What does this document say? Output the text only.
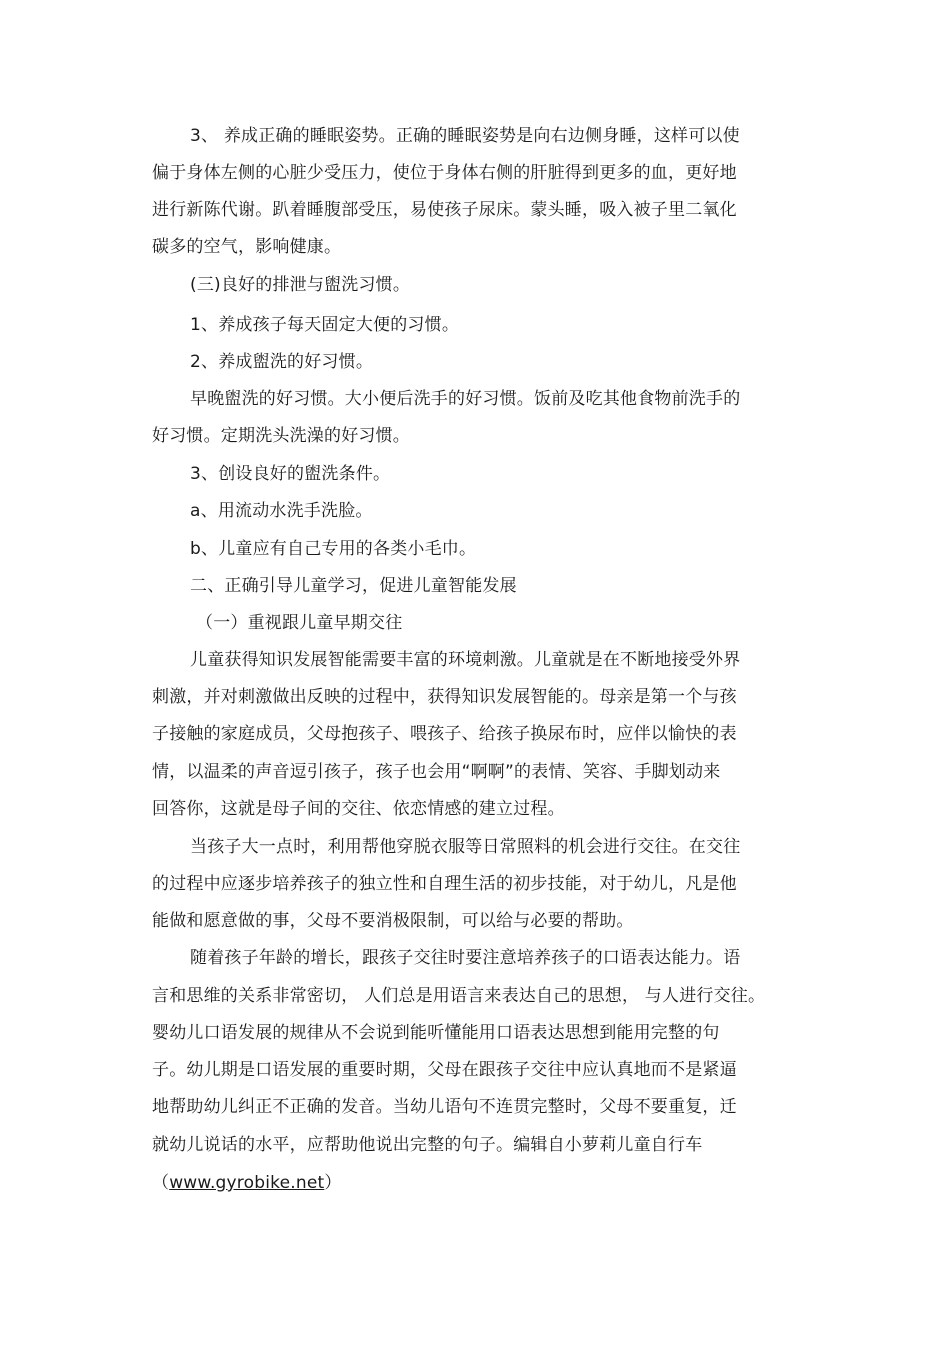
3、 养成正确的睡眠姿势。正确的睡眠姿势是向右边侧身睡，这样可以使
偏于身体左侧的心脏少受压力，使位于身体右侧的肝脏得到更多的血，更好地
进行新陈代谢。趴着睡腹部受压，易使孩子尿床。蒙头睡，吸入被子里二氧化
碳多的空气，影响健康。
(三)良好的排泄与盥洗习惯。
1、养成孩子每天固定大便的习惯。
2、养成盥洗的好习惯。
早晚盥洗的好习惯。大小便后洗手的好习惯。饭前及吃其他食物前洗手的
好习惯。定期洗头洗澡的好习惯。
3、创设良好的盥洗条件。
a、用流动水洗手洗脸。
b、儿童应有自己专用的各类小毛巾。
二、正确引导儿童学习，促进儿童智能发展
（一）重视跟儿童早期交往
儿童获得知识发展智能需要丰富的环境刺激。儿童就是在不断地接受外界
刺激，并对刺激做出反映的过程中，获得知识发展智能的。母亲是第一个与孩
子接触的家庭成员，父母抱孩子、喂孩子、给孩子换尿布时，应伴以愉快的表
情，以温柔的声音逗引孩子，孩子也会用“啊啊”的表情、笑容、手脚划动来
回答你，这就是母子间的交往、依恋情感的建立过程。
当孩子大一点时，利用帮他穿脱衣服等日常照料的机会进行交往。在交往
的过程中应逐步培养孩子的独立性和自理生活的初步技能，对于幼儿，凡是他
能做和愿意做的事，父母不要消极限制，可以给与必要的帮助。
随着孩子年龄的增长，跟孩子交往时要注意培养孩子的口语表达能力。语
言和思维的关系非常密切， 人们总是用语言来表达自己的思想， 与人进行交往。
婴幼儿口语发展的规律从不会说到能听懂能用口语表达思想到能用完整的句
子。幼儿期是口语发展的重要时期，父母在跟孩子交往中应认真地而不是紧逼
地帮助幼儿纠正不正确的发音。当幼儿语句不连贯完整时，父母不要重复，迁
就幼儿说话的水平，应帮助他说出完整的句子。编辑自小萝莉儿童自行车
（www.gyrobike.net）
